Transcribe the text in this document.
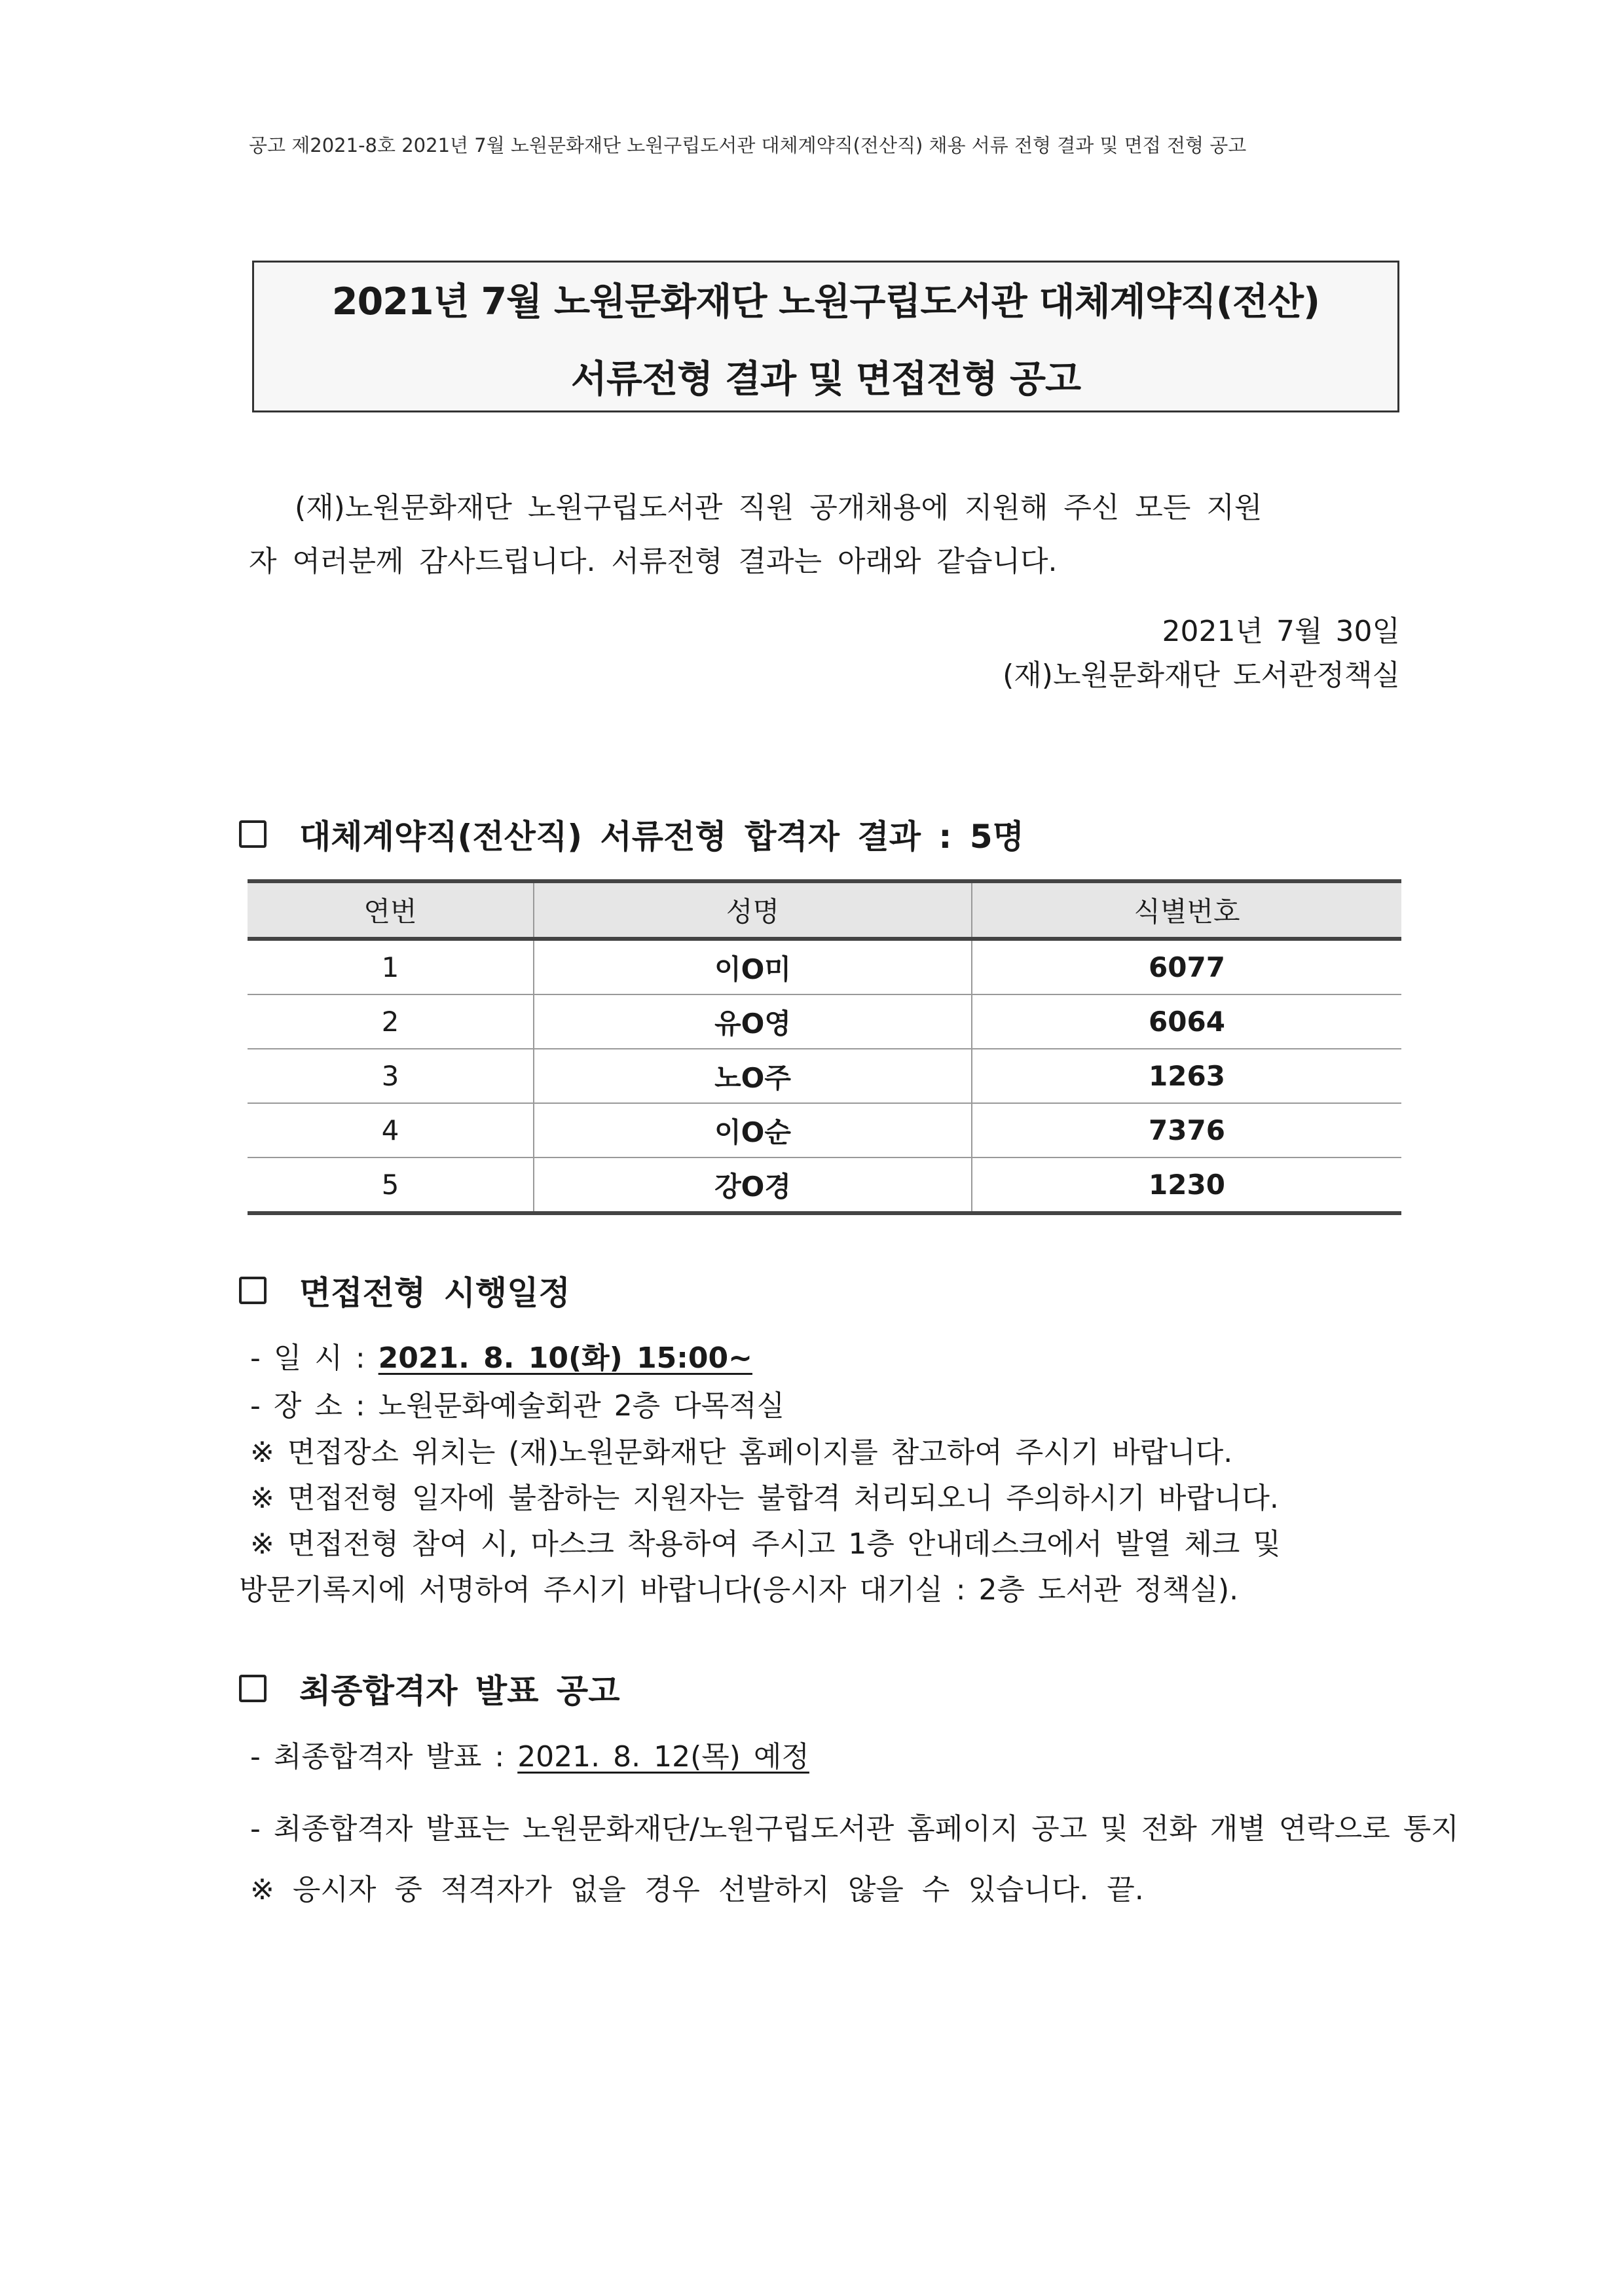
공고 제2021-8호 2021년 7월 노원문화재단 노원구립도서관 대체계약직(전산직) 채용 서류 전형 결과 및 면접 전형 공고
2021년 7월 노원문화재단 노원구립도서관 대체계약직(전산)
서류전형 결과 및 면접전형 공고
(재)노원문화재단 노원구립도서관 직원 공개채용에 지원해 주신 모든 지원
자 여러분께 감사드립니다. 서류전형 결과는 아래와 같습니다.
2021년 7월 30일
(재)노원문화재단 도서관정책실
대체계약직(전산직) 서류전형 합격자 결과 : 5명
연번	성명	식별번호
1	이O미	6077
2	유O영	6064
3	노O주	1263
4	이O순	7376
5	강O경	1230
면접전형 시행일정
- 일 시 : 2021. 8. 10(화) 15:00~
- 장 소 : 노원문화예술회관 2층 다목적실
※ 면접장소 위치는 (재)노원문화재단 홈페이지를 참고하여 주시기 바랍니다.
※ 면접전형 일자에 불참하는 지원자는 불합격 처리되오니 주의하시기 바랍니다.
※ 면접전형 참여 시, 마스크 착용하여 주시고 1층 안내데스크에서 발열 체크 및
방문기록지에 서명하여 주시기 바랍니다(응시자 대기실 : 2층 도서관 정책실).
최종합격자 발표 공고
- 최종합격자 발표 : 2021. 8. 12(목) 예정
- 최종합격자 발표는 노원문화재단/노원구립도서관 홈페이지 공고 및 전화 개별 연락으로 통지
※ 응시자 중 적격자가 없을 경우 선발하지 않을 수 있습니다. 끝.
